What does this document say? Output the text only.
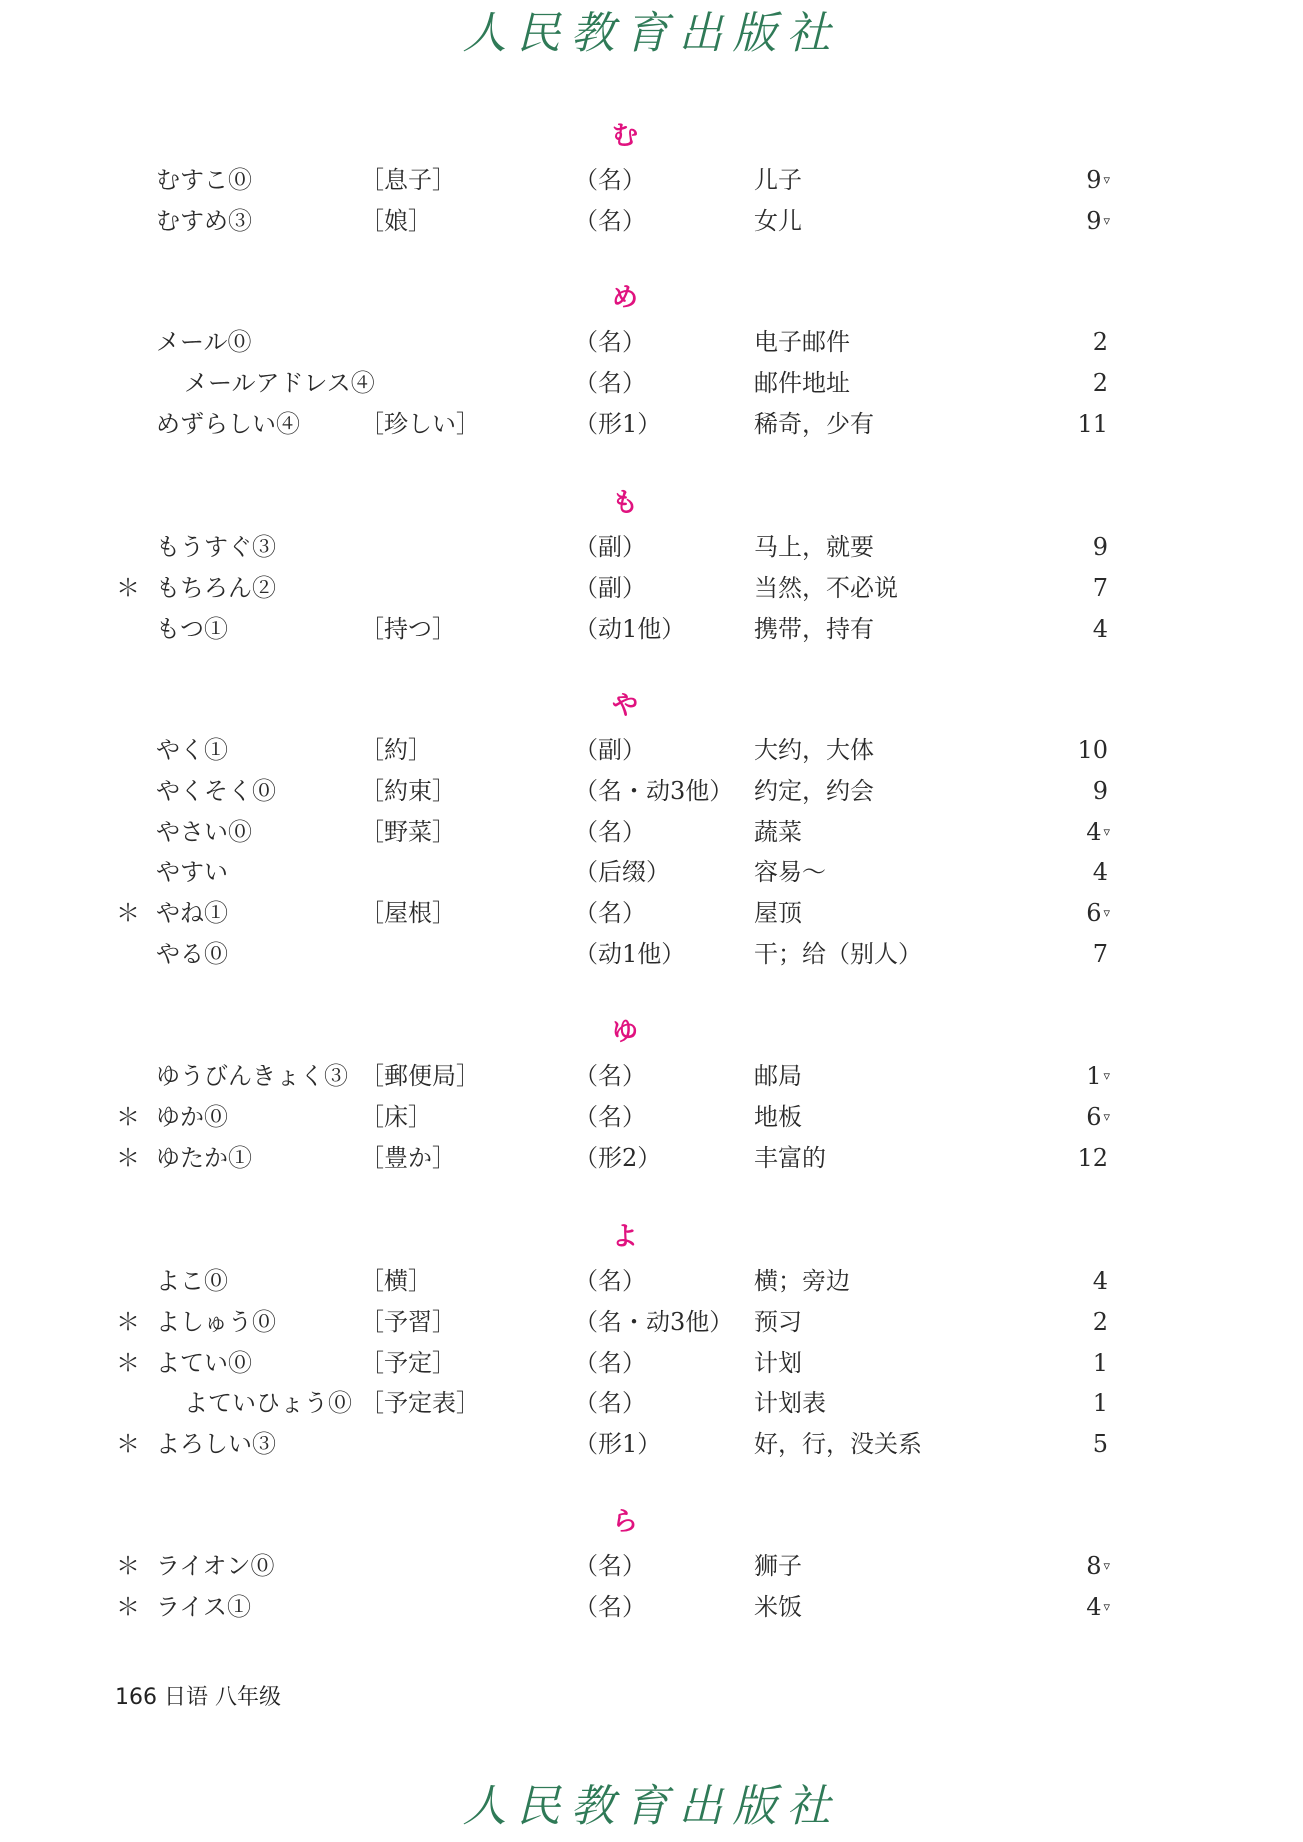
人民教育出版社
む
むすこ⓪	［息子］	（名）	儿子	9 ▿
むすめ③	［娘］	（名）	女儿	9 ▿
め
メール⓪	（名）	电子邮件	2
メールアドレス④	（名）	邮件地址	2
めずらしい④	［珍しい］	（形1）	稀奇，少有	11
も
もうすぐ③	（副）	马上，就要	9
＊ もちろん②	（副）	当然，不必说	7
もつ①	［持つ］	（动1他）	携带，持有	4
や
やく①	［約］	（副）	大约，大体	10
やくそく⓪	［約束］	（名・动3他） 约定，约会	9
やさい⓪	［野菜］	（名）	蔬菜	4 ▿
やすい	（后缀）	容易～	4
＊ やね①	［屋根］	（名）	屋顶	6 ▿
やる⓪	（动1他）	干；给（别人）	7
ゆ
ゆうびんきょく③ ［郵便局］	（名）	邮局	1 ▿
＊ ゆか⓪	［床］	（名）	地板	6 ▿
＊ ゆたか①	［豊か］	（形2）	丰富的	12
よ
よこ⓪	［横］	（名）	横；旁边	4
＊ よしゅう⓪	［予習］	（名・动3他） 预习	2
＊ よてい⓪	［予定］	（名）	计划	1
よていひょう⓪ ［予定表］	（名）	计划表	1
＊ よろしい③	（形1）	好，行，没关系	5
ら
＊ ライオン⓪	（名）	狮子	8 ▿
＊ ライス①	（名）	米饭	4 ▿
166 日语 八年级
人民教育出版社
